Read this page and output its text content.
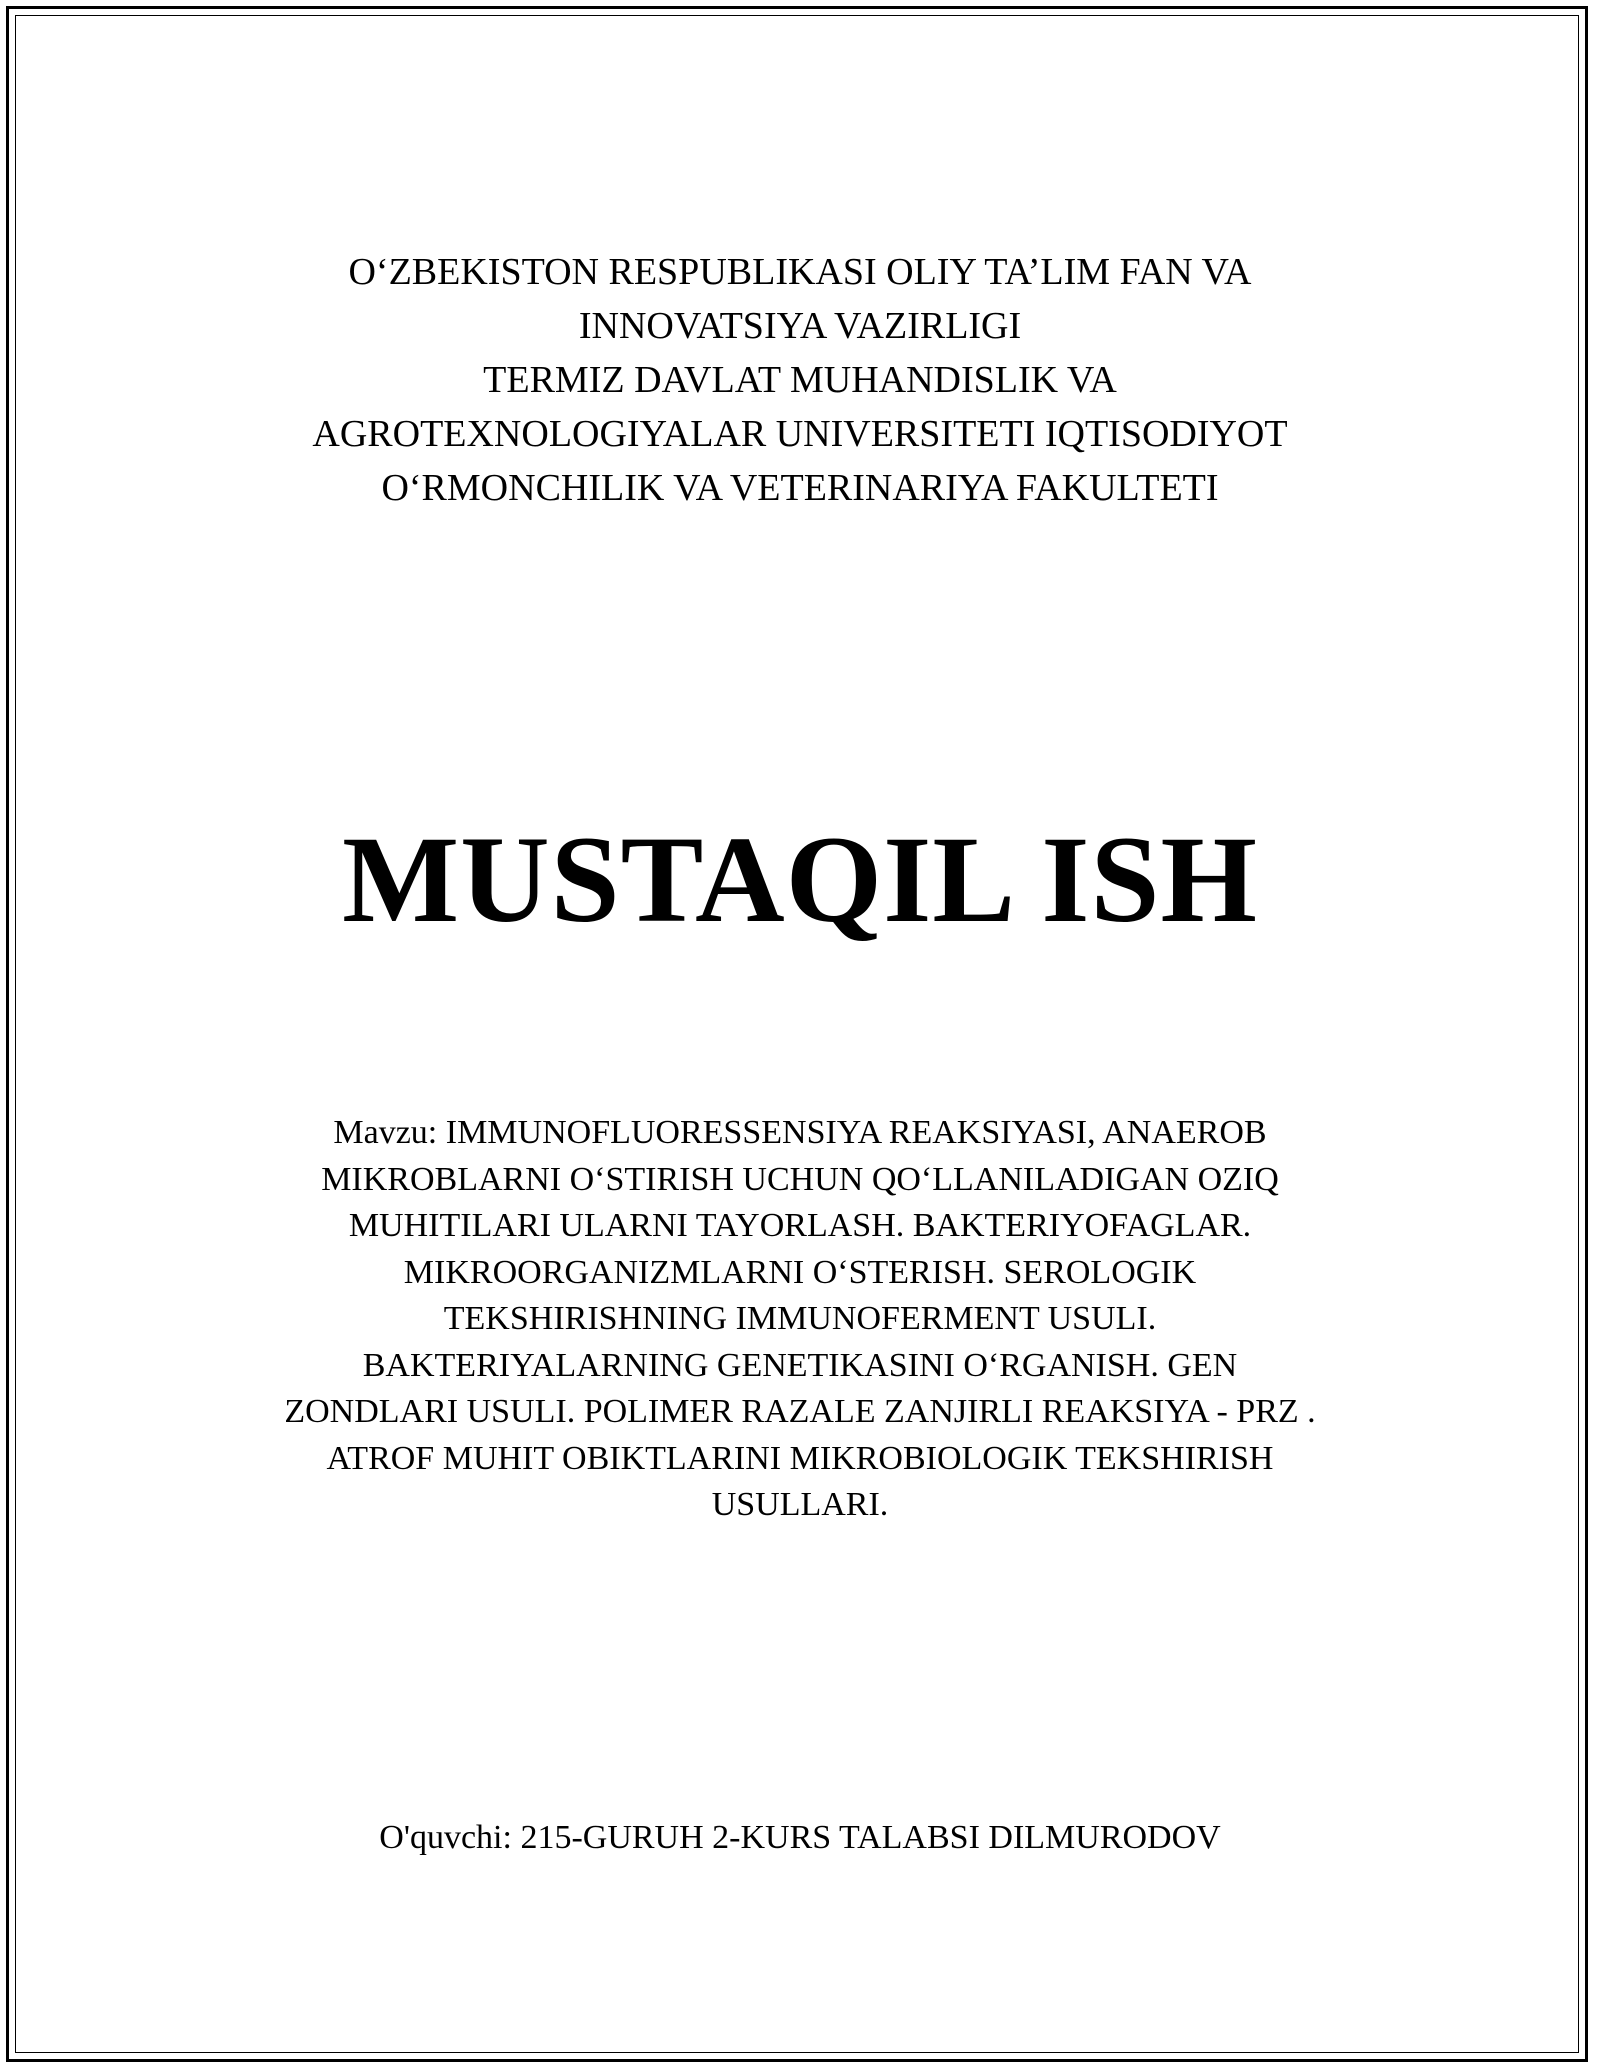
O‘ZBEKISTON RESPUBLIKASI OLIY TA’LIM FAN VA
INNOVATSIYA VAZIRLIGI
TERMIZ DAVLAT MUHANDISLIK VA
AGROTEXNOLOGIYALAR UNIVERSITETI IQTISODIYOT
O‘RMONCHILIK VA VETERINARIYA FAKULTETI
MUSTAQIL ISH
Mavzu: IMMUNOFLUORESSENSIYA REAKSIYASI, ANAEROB
MIKROBLARNI O‘STIRISH UCHUN QO‘LLANILADIGAN OZIQ
MUHITILARI ULARNI TAYORLASH. BAKTERIYOFAGLAR.
MIKROORGANIZMLARNI O‘STERISH. SEROLOGIK
TEKSHIRISHNING IMMUNOFERMENT USULI.
BAKTERIYALARNING GENETIKASINI O‘RGANISH. GEN
ZONDLARI USULI. POLIMER RAZALE ZANJIRLI REAKSIYA - PRZ .
ATROF MUHIT OBIKTLARINI MIKROBIOLOGIK TEKSHIRISH
USULLARI.
O'quvchi: 215-GURUH 2-KURS TALABSI DILMURODOV
